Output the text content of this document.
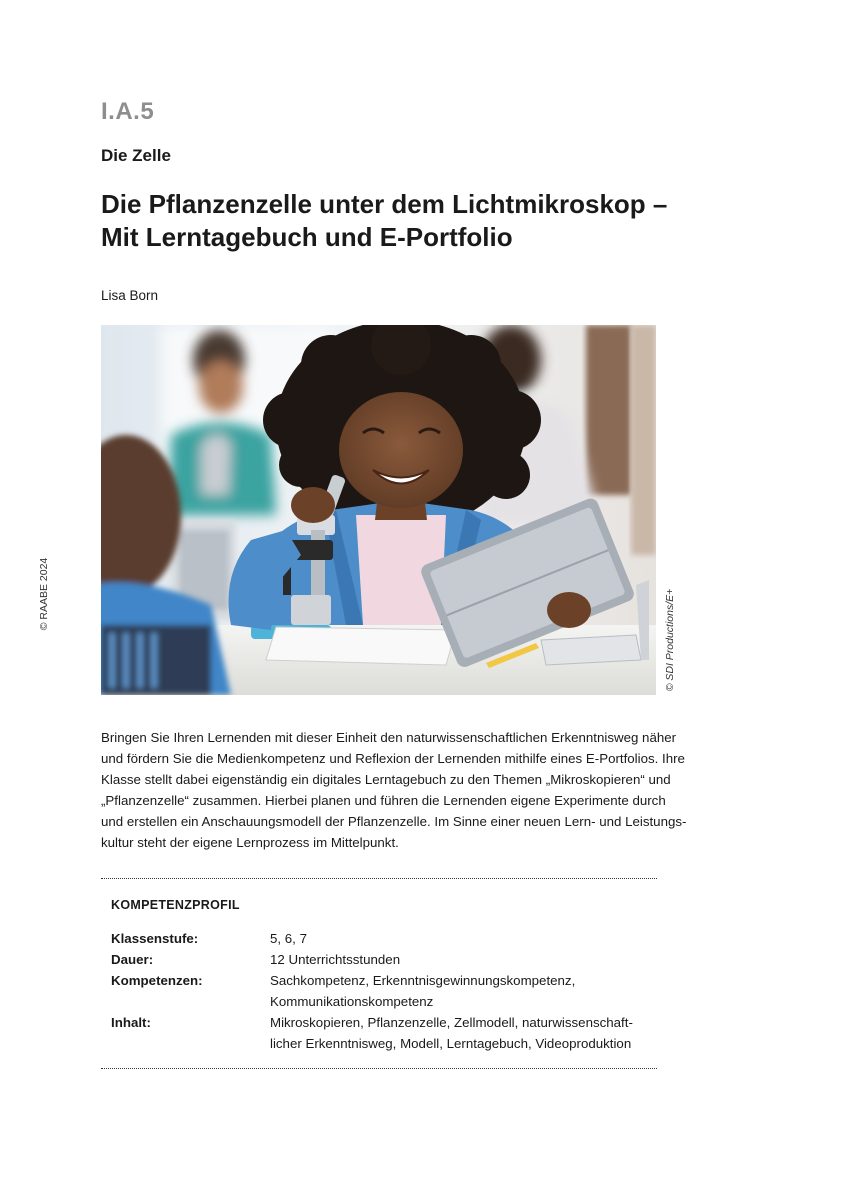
I.A.5
Die Zelle
Die Pflanzenzelle unter dem Lichtmikroskop –
Mit Lerntagebuch und E-Portfolio
Lisa Born
© RAABE 2024	© SDI Productions/E+
Bringen Sie Ihren Lernenden mit dieser Einheit den naturwissenschaftlichen Erkenntnisweg näher
und fördern Sie die Medienkompetenz und Reflexion der Lernenden mithilfe eines E-Portfolios. Ihre
Klasse stellt dabei eigenständig ein digitales Lerntagebuch zu den Themen „Mikroskopieren“ und
„Pflanzenzelle“ zusammen. Hierbei planen und führen die Lernenden eigene Experimente durch
und erstellen ein Anschauungsmodell der Pflanzenzelle. Im Sinne einer neuen Lern- und Leistungs-
kultur steht der eigene Lernprozess im Mittelpunkt.
KOMPETENZPROFIL
Klassenstufe:	5, 6, 7
Dauer:	12 Unterrichtsstunden
Kompetenzen:	Sachkompetenz, Erkenntnisgewinnungskompetenz,
Kommunikationskompetenz
Inhalt:	Mikroskopieren, Pflanzenzelle, Zellmodell, naturwissenschaft-
licher Erkenntnisweg, Modell, Lerntagebuch, Videoproduktion
